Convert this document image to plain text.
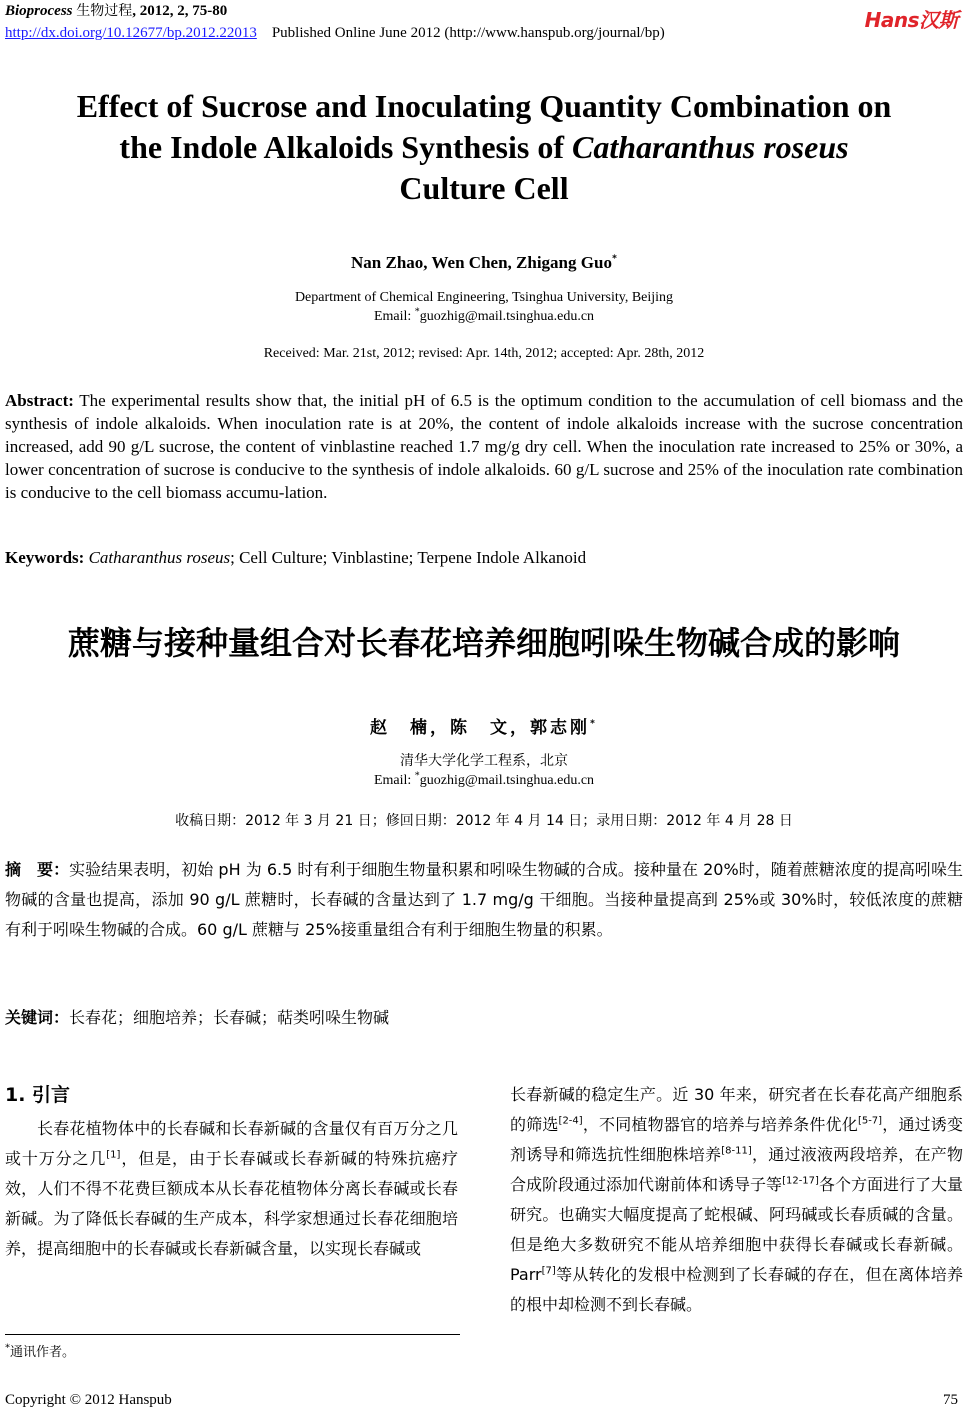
Bioprocess 生物过程, 2012, 2, 75-80
http://dx.doi.org/10.12677/bp.2012.22013 Published Online June 2012 (http://www.hanspub.org/journal/bp)
Hans汉斯
Effect of Sucrose and Inoculating Quantity Combination on
the Indole Alkaloids Synthesis of Catharanthus roseus
Culture Cell
Nan Zhao, Wen Chen, Zhigang Guo*
Department of Chemical Engineering, Tsinghua University, Beijing
Email: *guozhig@mail.tsinghua.edu.cn
Received: Mar. 21st, 2012; revised: Apr. 14th, 2012; accepted: Apr. 28th, 2012
Abstract: The experimental results show that, the initial pH of 6.5 is the optimum condition to the accumulation of cell biomass and the synthesis of indole alkaloids. When inoculation rate is at 20%, the content of indole alkaloids increase with the sucrose concentration increased, add 90 g/L sucrose, the content of vinblastine reached 1.7 mg/g dry cell. When the inoculation rate increased to 25% or 30%, a lower concentration of sucrose is conducive to the synthesis of indole alkaloids. 60 g/L sucrose and 25% of the inoculation rate combination is conducive to the cell biomass accumu-lation.
Keywords: Catharanthus roseus; Cell Culture; Vinblastine; Terpene Indole Alkanoid
蔗糖与接种量组合对长春花培养细胞吲哚生物碱合成的影响
赵　楠，陈　文，郭志刚*
清华大学化学工程系，北京
Email: *guozhig@mail.tsinghua.edu.cn
收稿日期：2012 年 3 月 21 日；修回日期：2012 年 4 月 14 日；录用日期：2012 年 4 月 28 日
摘　要：实验结果表明，初始 pH 为 6.5 时有利于细胞生物量积累和吲哚生物碱的合成。接种量在 20%时，随着蔗糖浓度的提高吲哚生物碱的含量也提高，添加 90 g/L 蔗糖时，长春碱的含量达到了 1.7 mg/g 干细胞。当接种量提高到 25%或 30%时，较低浓度的蔗糖有利于吲哚生物碱的合成。60 g/L 蔗糖与 25%接重量组合有利于细胞生物量的积累。
关键词：长春花；细胞培养；长春碱；萜类吲哚生物碱
1. 引言
长春花植物体中的长春碱和长春新碱的含量仅有百万分之几或十万分之几[1]，但是，由于长春碱或长春新碱的特殊抗癌疗效，人们不得不花费巨额成本从长春花植物体分离长春碱或长春新碱。为了降低长春碱的生产成本，科学家想通过长春花细胞培养，提高细胞中的长春碱或长春新碱含量，以实现长春碱或
长春新碱的稳定生产。近 30 年来，研究者在长春花高产细胞系的筛选[2-4]，不同植物器官的培养与培养条件优化[5-7]，通过诱变剂诱导和筛选抗性细胞株培养[8-11]，通过液液两段培养，在产物合成阶段通过添加代谢前体和诱导子等[12-17]各个方面进行了大量研究。也确实大幅度提高了蛇根碱、阿玛碱或长春质碱的含量。但是绝大多数研究不能从培养细胞中获得长春碱或长春新碱。Parr[7]等从转化的发根中检测到了长春碱的存在，但在离体培养的根中却检测不到长春碱。
*通讯作者。
Copyright © 2012 Hanspub	75
